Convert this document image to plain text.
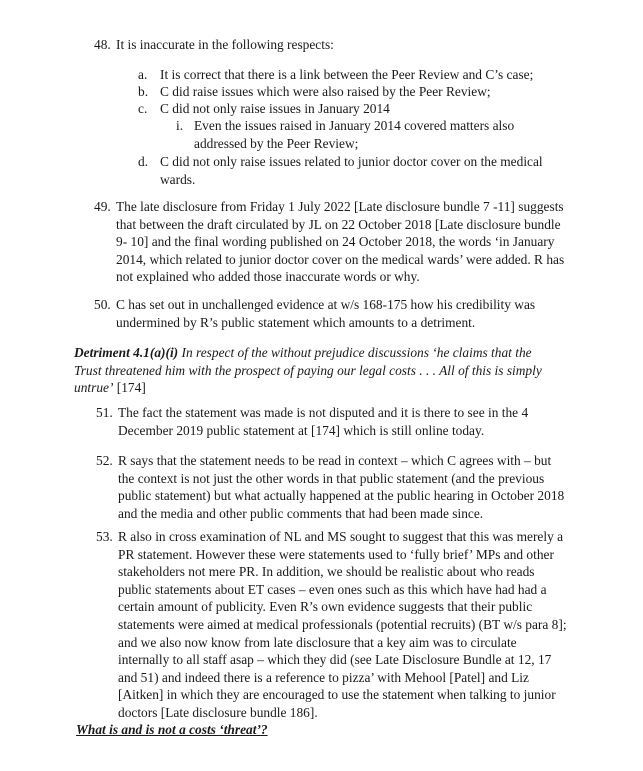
48. It is inaccurate in the following respects:
a. It is correct that there is a link between the Peer Review and C’s case;
b. C did raise issues which were also raised by the Peer Review;
c. C did not only raise issues in January 2014
i. Even the issues raised in January 2014 covered matters also addressed by the Peer Review;
d. C did not only raise issues related to junior doctor cover on the medical wards.
49. The late disclosure from Friday 1 July 2022 [Late disclosure bundle 7 -11] suggests that between the draft circulated by JL on 22 October 2018 [Late disclosure bundle 9- 10] and the final wording published on 24 October 2018, the words ‘in January 2014, which related to junior doctor cover on the medical wards’ were added. R has not explained who added those inaccurate words or why.
50. C has set out in unchallenged evidence at w/s 168-175 how his credibility was undermined by R’s public statement which amounts to a detriment.
Detriment 4.1(a)(i) In respect of the without prejudice discussions ‘he claims that the Trust threatened him with the prospect of paying our legal costs . . . All of this is simply untrue’ [174]
51. The fact the statement was made is not disputed and it is there to see in the 4 December 2019 public statement at [174] which is still online today.
52. R says that the statement needs to be read in context – which C agrees with – but the context is not just the other words in that public statement (and the previous public statement) but what actually happened at the public hearing in October 2018 and the media and other public comments that had been made since.
53. R also in cross examination of NL and MS sought to suggest that this was merely a PR statement. However these were statements used to ‘fully brief’ MPs and other stakeholders not mere PR. In addition, we should be realistic about who reads public statements about ET cases – even ones such as this which have had had a certain amount of publicity. Even R’s own evidence suggests that their public statements were aimed at medical professionals (potential recruits) (BT w/s para 8]; and we also now know from late disclosure that a key aim was to circulate internally to all staff asap – which they did (see Late Disclosure Bundle at 12, 17 and 51) and indeed there is a reference to pizza’ with Mehool [Patel] and Liz [Aitken] in which they are encouraged to use the statement when talking to junior doctors [Late disclosure bundle 186].
What is and is not a costs ‘threat’?
